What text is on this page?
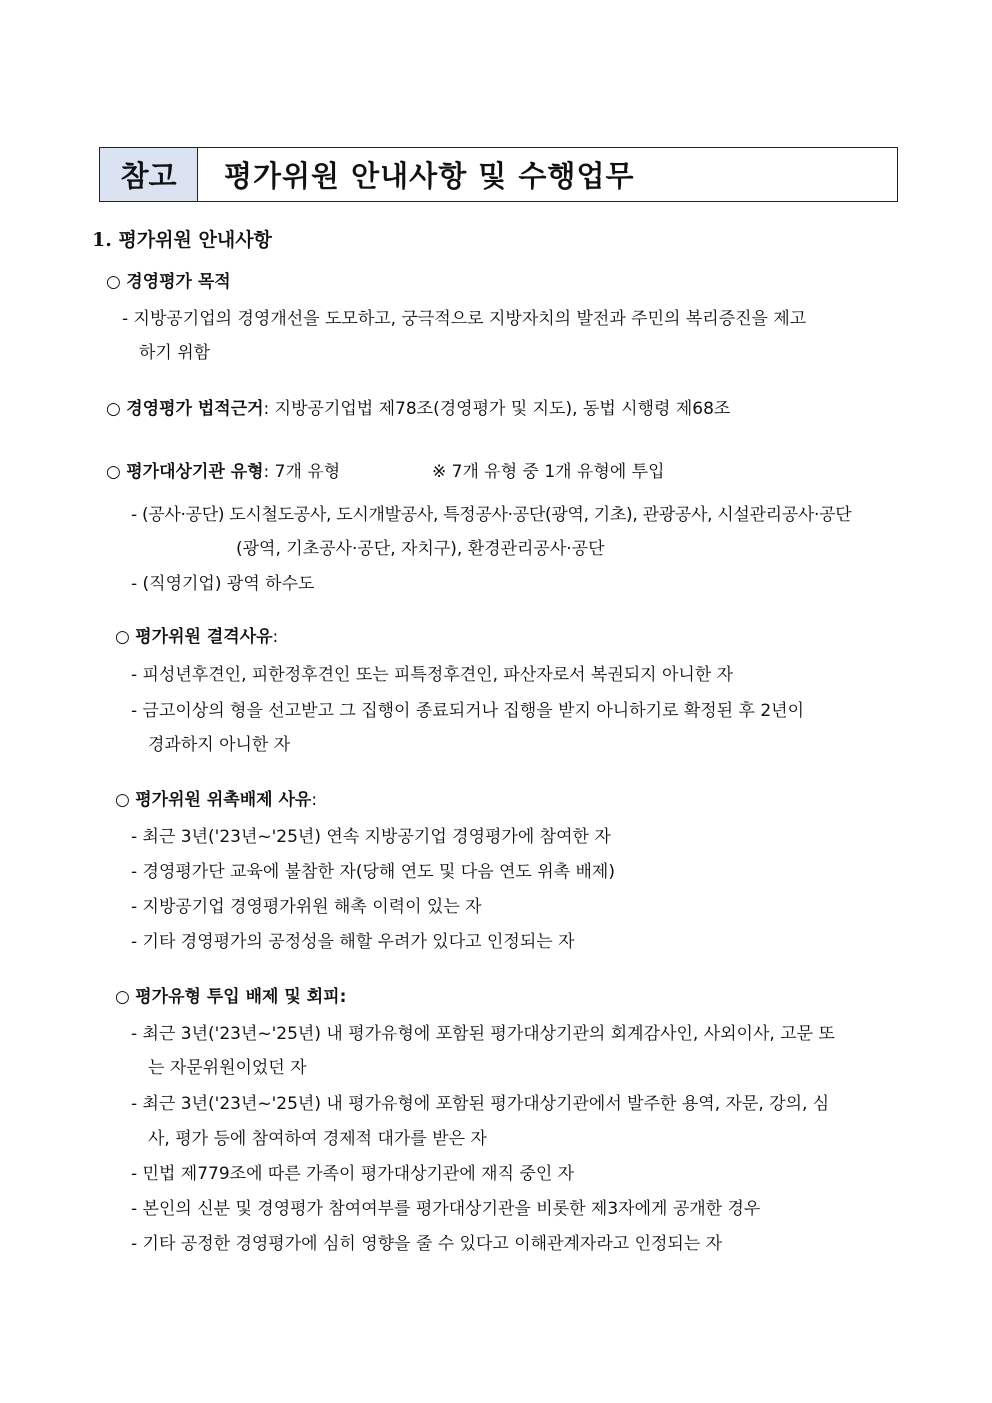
참고	평가위원 안내사항 및 수행업무
1. 평가위원 안내사항
○ 경영평가 목적
- 지방공기업의 경영개선을 도모하고, 궁극적으로 지방자치의 발전과 주민의 복리증진을 제고
하기 위함
○ 경영평가 법적근거: 지방공기업법 제78조(경영평가 및 지도), 동법 시행령 제68조
○ 평가대상기관 유형: 7개 유형	※ 7개 유형 중 1개 유형에 투입
- (공사·공단) 도시철도공사, 도시개발공사, 특정공사·공단(광역, 기초), 관광공사, 시설관리공사·공단
(광역, 기초공사·공단, 자치구), 환경관리공사·공단
- (직영기업) 광역 하수도
○ 평가위원 결격사유:
- 피성년후견인, 피한정후견인 또는 피특정후견인, 파산자로서 복권되지 아니한 자
- 금고이상의 형을 선고받고 그 집행이 종료되거나 집행을 받지 아니하기로 확정된 후 2년이
경과하지 아니한 자
○ 평가위원 위촉배제 사유:
- 최근 3년('23년~'25년) 연속 지방공기업 경영평가에 참여한 자
- 경영평가단 교육에 불참한 자(당해 연도 및 다음 연도 위촉 배제)
- 지방공기업 경영평가위원 해촉 이력이 있는 자
- 기타 경영평가의 공정성을 해할 우려가 있다고 인정되는 자
○ 평가유형 투입 배제 및 회피:
- 최근 3년('23년~'25년) 내 평가유형에 포함된 평가대상기관의 회계감사인, 사외이사, 고문 또
는 자문위원이었던 자
- 최근 3년('23년~'25년) 내 평가유형에 포함된 평가대상기관에서 발주한 용역, 자문, 강의, 심
사, 평가 등에 참여하여 경제적 대가를 받은 자
- 민법 제779조에 따른 가족이 평가대상기관에 재직 중인 자
- 본인의 신분 및 경영평가 참여여부를 평가대상기관을 비롯한 제3자에게 공개한 경우
- 기타 공정한 경영평가에 심히 영향을 줄 수 있다고 이해관계자라고 인정되는 자
